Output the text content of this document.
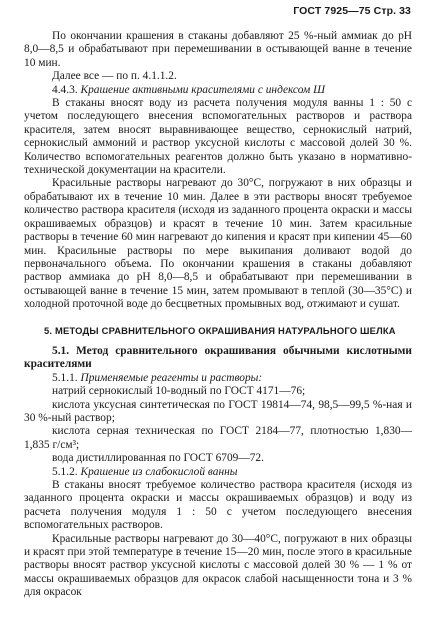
ГОСТ 7925—75 Стр. 33

По окончании крашения в стаканы добавляют 25 %-ный аммиак до pH 8,0—8,5 и обрабатывают при перемешивании в остывающей ванне в течение 10 мин.

Далее все — по п. 4.1.1.2.

4.4.3. Крашение активными красителями с индексом Ш

В стаканы вносят воду из расчета получения модуля ванны 1 : 50 с учетом последующего внесения вспомогательных растворов и раствора красителя, затем вносят выравнивающее вещество, сернокислый натрий, сернокислый аммоний и раствор уксусной кислоты с массовой долей 30 %. Количество вспомогательных реагентов должно быть указано в нормативно-технической документации на красители.

Красильные растворы нагревают до 30°С, погружают в них образцы и обрабатывают их в течение 10 мин. Далее в эти растворы вносят требуемое количество раствора красителя (исходя из заданного процента окраски и массы окрашиваемых образцов) и красят в течение 10 мин. Затем красильные растворы в течение 60 мин нагревают до кипения и красят при кипении 45—60 мин. Красильные растворы по мере выкипания доливают водой до первоначального объема. По окончании крашения в стаканы добавляют раствор аммиака до pH 8,0—8,5 и обрабатывают при перемешивании в остывающей ванне в течение 15 мин, затем промывают в теплой (30—35°С) и холодной проточной воде до бесцветных промывных вод, отжимают и сушат.

5. МЕТОДЫ СРАВНИТЕЛЬНОГО ОКРАШИВАНИЯ НАТУРАЛЬНОГО ШЕЛКА

5.1. Метод сравнительного окрашивания обычными кислотными красителями

5.1.1. Применяемые реагенты и растворы:

натрий сернокислый 10-водный по ГОСТ 4171—76;

кислота уксусная синтетическая по ГОСТ 19814—74, 98,5—99,5 %-ная и 30 %-ный раствор;

кислота серная техническая по ГОСТ 2184—77, плотностью 1,830—1,835 г/см³;

вода дистиллированная по ГОСТ 6709—72.

5.1.2. Крашение из слабокислой ванны

В стаканы вносят требуемое количество раствора красителя (исходя из заданного процента окраски и массы окрашиваемых образцов) и воду из расчета получения модуля 1 : 50 с учетом последующего внесения вспомогательных растворов.

Красильные растворы нагревают до 30—40°С, погружают в них образцы и красят при этой температуре в течение 15—20 мин, после этого в красильные растворы вносят раствор уксусной кислоты с массовой долей 30 % — 1 % от массы окрашиваемых образцов для окрасок слабой насыщенности тона и 3 % для окрасок
